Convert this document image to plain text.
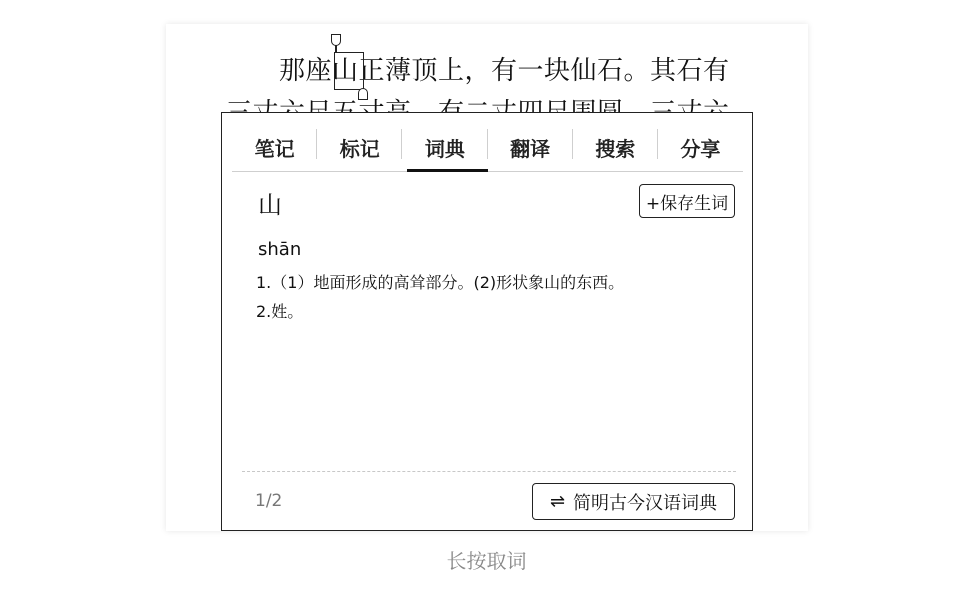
那座山正薄顶上，有一块仙石。其石有
笔记	标记	词典	翻译	搜索	分享
山	+保存生词
shān
1.（1）地面形成的高耸部分。(2)形状象山的东西。
2.姓。
1/2	⇌ 简明古今汉语词典
长按取词
